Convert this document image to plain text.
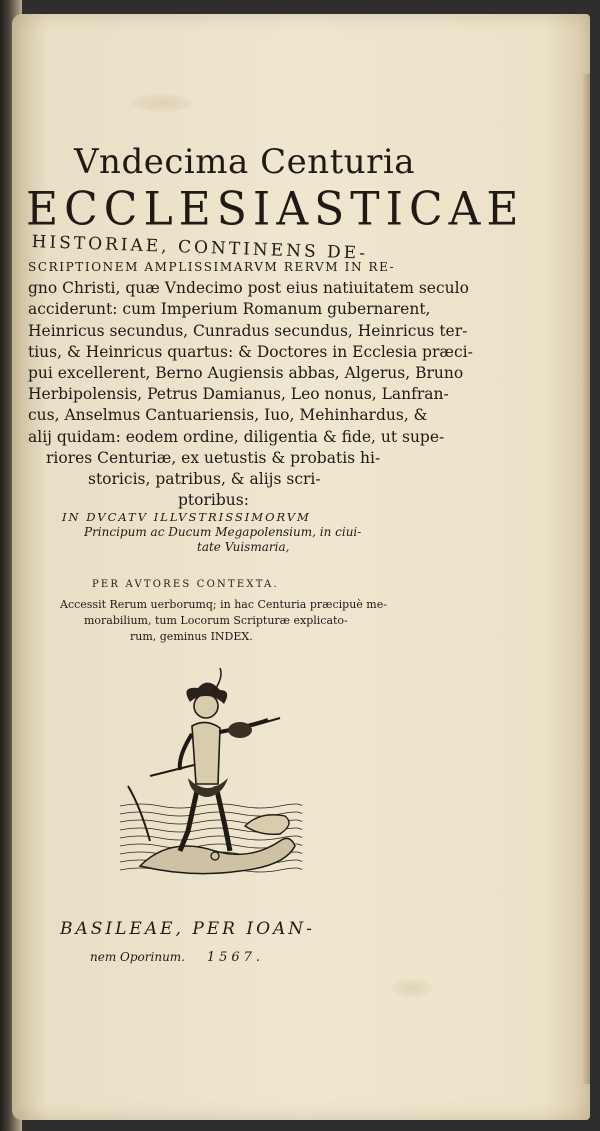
Vndecima Centuria
ECCLESIASTICAE
HISTORIAE, CONTINENS DE-
SCRIPTIONEM AMPLISSIMARVM RERVM IN RE-
gno Christi, quæ Vndecimo post eius natiuitatem seculo
acciderunt: cum Imperium Romanum gubernarent,
Heinricus secundus, Cunradus secundus, Heinricus ter-
tius, & Heinricus quartus: & Doctores in Ecclesia præci-
pui excellerent, Berno Augiensis abbas, Algerus, Bruno
Herbipolensis, Petrus Damianus, Leo nonus, Lanfran-
cus, Anselmus Cantuariensis, Iuo, Mehinhardus, &
alij quidam: eodem ordine, diligentia & fide, ut supe-
riores Centuriæ, ex uetustis & probatis hi-
storicis, patribus, & alijs scri-
ptoribus:
IN DVCATV ILLVSTRISSIMORVM
Principum ac Ducum Megapolensium, in ciui-
tate Vuismaria,
PER AVTORES CONTEXTA.
Accessit Rerum uerborumq; in hac Centuria præcipuè me-
morabilium, tum Locorum Scripturæ explicato-
rum, geminus INDEX.
BASILEAE, PER IOAN-
nem Oporinum. 1567.
